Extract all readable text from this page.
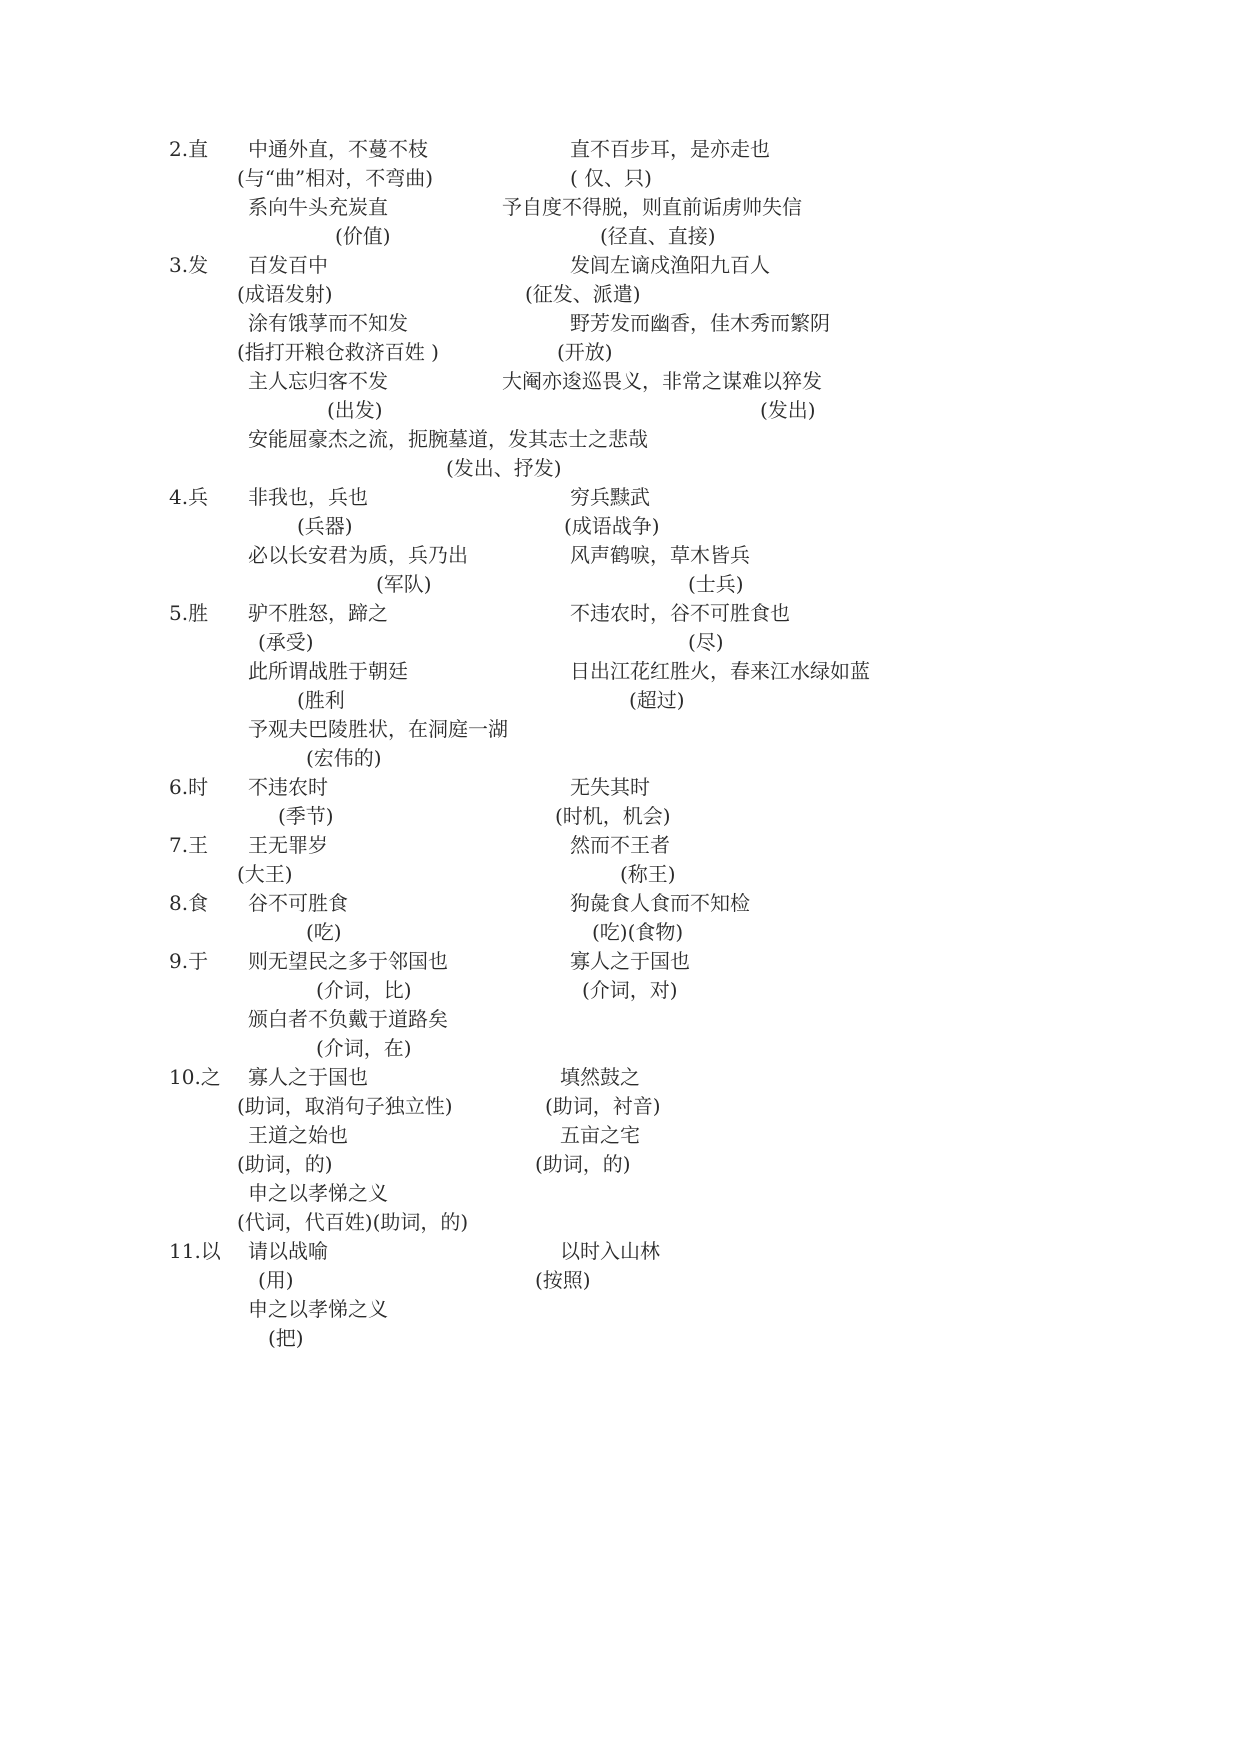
2.直 中通外直，不蔓不枝	直不百步耳，是亦走也
(与“曲”相对，不弯曲)	( 仅、只)
系向牛头充炭直	予自度不得脱，则直前诟虏帅失信
(价值)	(径直、直接)
3.发 百发百中	发闾左谪戍渔阳九百人
(成语发射)	(征发、派遣)
涂有饿莩而不知发	野芳发而幽香，佳木秀而繁阴
(指打开粮仓救济百姓 )	(开放)
主人忘归客不发	大阉亦逡巡畏义，非常之谋难以猝发
(出发)	(发出)
安能屈豪杰之流，扼腕墓道，发其志士之悲哉
(发出、抒发)
4.兵 非我也，兵也	穷兵黩武
(兵器)	(成语战争)
必以长安君为质，兵乃出	风声鹤唳，草木皆兵
(军队)	(士兵)
5.胜 驴不胜怒，蹄之	不违农时，谷不可胜食也
(承受)	(尽)
此所谓战胜于朝廷	日出江花红胜火，春来江水绿如蓝
(胜利	(超过)
予观夫巴陵胜状，在洞庭一湖
(宏伟的)
6.时 不违农时	无失其时
(季节)	(时机，机会)
7.王 王无罪岁	然而不王者
(大王)	(称王)
8.食 谷不可胜食	狗彘食人食而不知检
(吃)	(吃)(食物)
9.于 则无望民之多于邻国也	寡人之于国也
(介词，比)	(介词，对)
颁白者不负戴于道路矣
(介词，在)
10.之 寡人之于国也	填然鼓之
(助词，取消句子独立性)	(助词，衬音)
王道之始也	五亩之宅
(助词，的)	(助词，的)
申之以孝悌之义
(代词，代百姓)(助词，的)
11.以 请以战喻	以时入山林
(用)	(按照)
申之以孝悌之义
(把)
